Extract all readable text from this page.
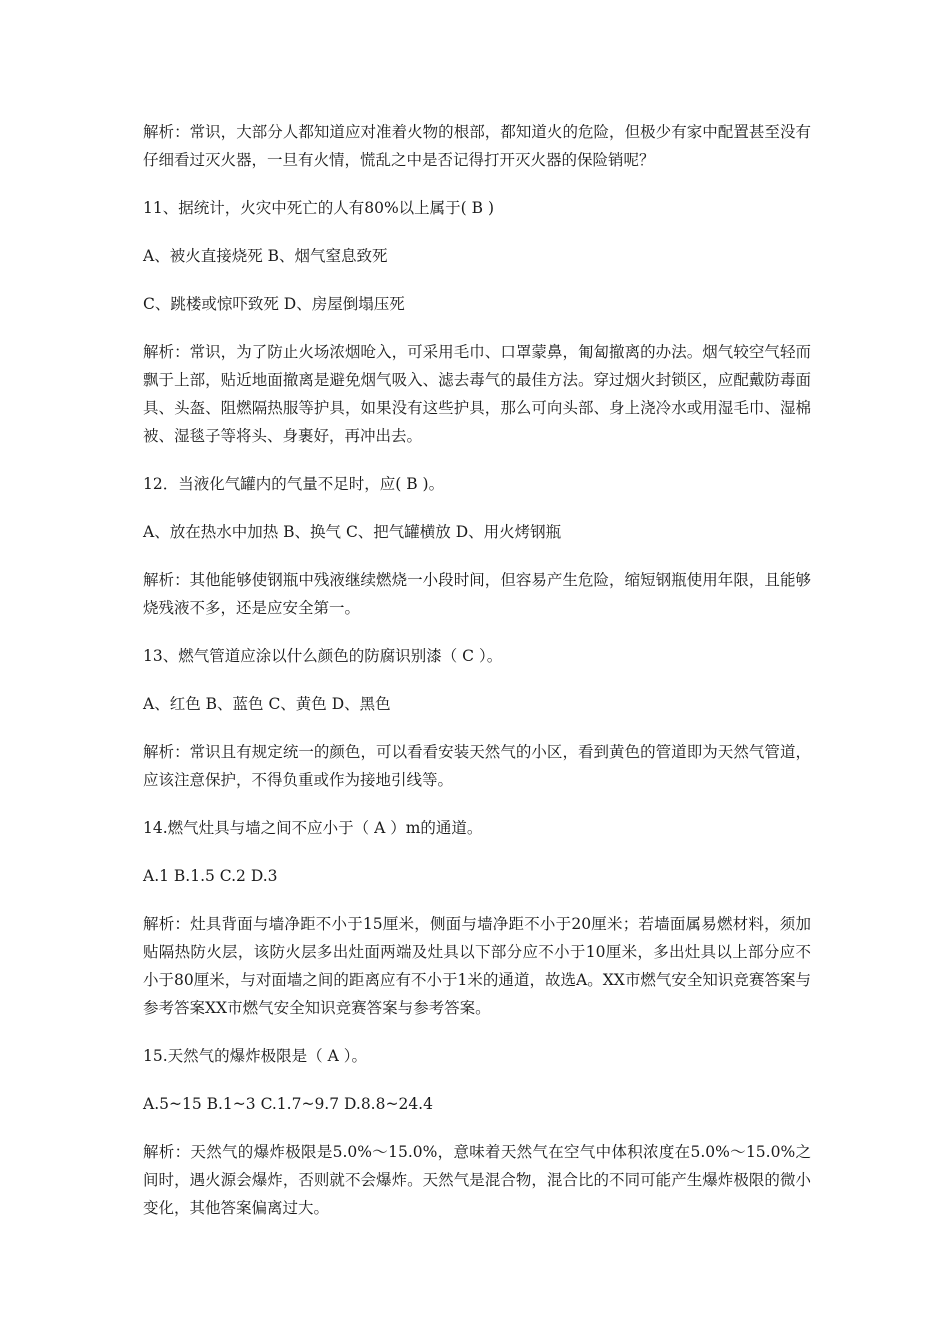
解析：常识，大部分人都知道应对准着火物的根部，都知道火的危险，但极少有家中配置甚至没有仔细看过灭火器，一旦有火情，慌乱之中是否记得打开灭火器的保险销呢？

11、据统计，火灾中死亡的人有80%以上属于( B )

A、被火直接烧死 B、烟气窒息致死

C、跳楼或惊吓致死 D、房屋倒塌压死

解析：常识，为了防止火场浓烟呛入，可采用毛巾、口罩蒙鼻，匍匐撤离的办法。烟气较空气轻而飘于上部，贴近地面撤离是避免烟气吸入、滤去毒气的最佳方法。穿过烟火封锁区，应配戴防毒面具、头盔、阻燃隔热服等护具，如果没有这些护具，那么可向头部、身上浇冷水或用湿毛巾、湿棉被、湿毯子等将头、身裹好，再冲出去。

12．当液化气罐内的气量不足时，应( B )。

A、放在热水中加热 B、换气 C、把气罐横放 D、用火烤钢瓶

解析：其他能够使钢瓶中残液继续燃烧一小段时间，但容易产生危险，缩短钢瓶使用年限，且能够烧残液不多，还是应安全第一。

13、燃气管道应涂以什么颜色的防腐识别漆（ C ）。

A、红色 B、蓝色 C、黄色 D、黑色

解析：常识且有规定统一的颜色，可以看看安装天然气的小区，看到黄色的管道即为天然气管道，应该注意保护，不得负重或作为接地引线等。

14.燃气灶具与墙之间不应小于（ A ）m的通道。

A.1 B.1.5 C.2 D.3

解析：灶具背面与墙净距不小于15厘米，侧面与墙净距不小于20厘米；若墙面属易燃材料，须加贴隔热防火层，该防火层多出灶面两端及灶具以下部分应不小于10厘米，多出灶具以上部分应不小于80厘米，与对面墙之间的距离应有不小于1米的通道，故选A。XX市燃气安全知识竞赛答案与参考答案XX市燃气安全知识竞赛答案与参考答案。

15.天然气的爆炸极限是（ A ）。

A.5~15 B.1~3 C.1.7~9.7 D.8.8~24.4

解析：天然气的爆炸极限是5.0%～15.0%，意味着天然气在空气中体积浓度在5.0%～15.0%之间时，遇火源会爆炸，否则就不会爆炸。天然气是混合物，混合比的不同可能产生爆炸极限的微小变化，其他答案偏离过大。
